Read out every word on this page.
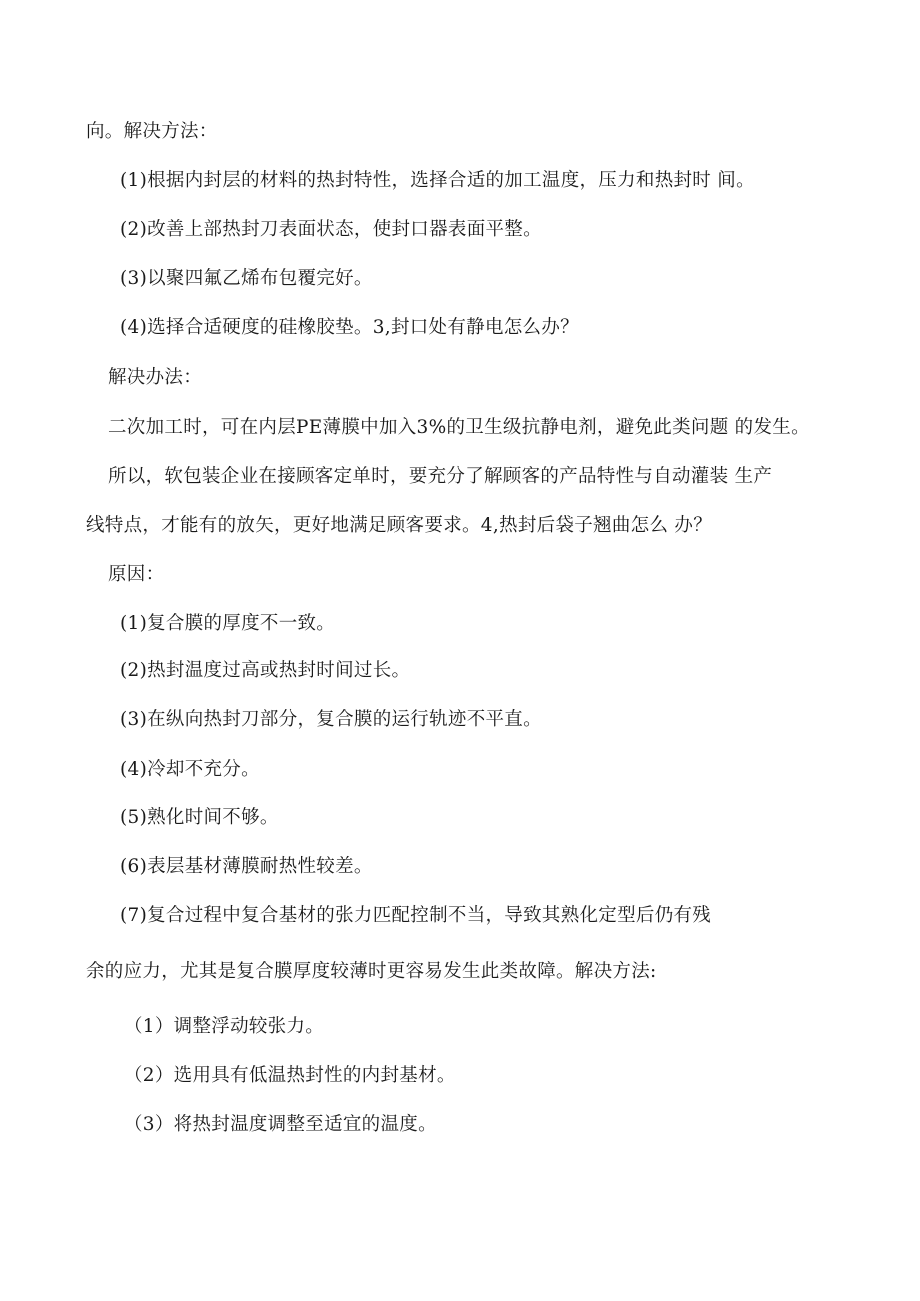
向。解决方法：
(1)根据内封层的材料的热封特性，选择合适的加工温度，压力和热封时 间。
(2)改善上部热封刀表面状态，使封口器表面平整。
(3)以聚四氟乙烯布包覆完好。
(4)选择合适硬度的硅橡胶垫。3,封口处有静电怎么办？
解决办法：
二次加工时，可在内层PE薄膜中加入3%的卫生级抗静电剂，避免此类问题 的发生。
所以，软包装企业在接顾客定单时，要充分了解顾客的产品特性与自动灌装 生产
线特点，才能有的放矢，更好地满足顾客要求。4,热封后袋子翘曲怎么 办？
原因：
(1)复合膜的厚度不一致。
(2)热封温度过高或热封时间过长。
(3)在纵向热封刀部分，复合膜的运行轨迹不平直。
(4)冷却不充分。
(5)熟化时间不够。
(6)表层基材薄膜耐热性较差。
(7)复合过程中复合基材的张力匹配控制不当，导致其熟化定型后仍有残
余的应力，尤其是复合膜厚度较薄时更容易发生此类故障。解决方法:
（1）调整浮动较张力。
（2）选用具有低温热封性的内封基材。
（3）将热封温度调整至适宜的温度。
